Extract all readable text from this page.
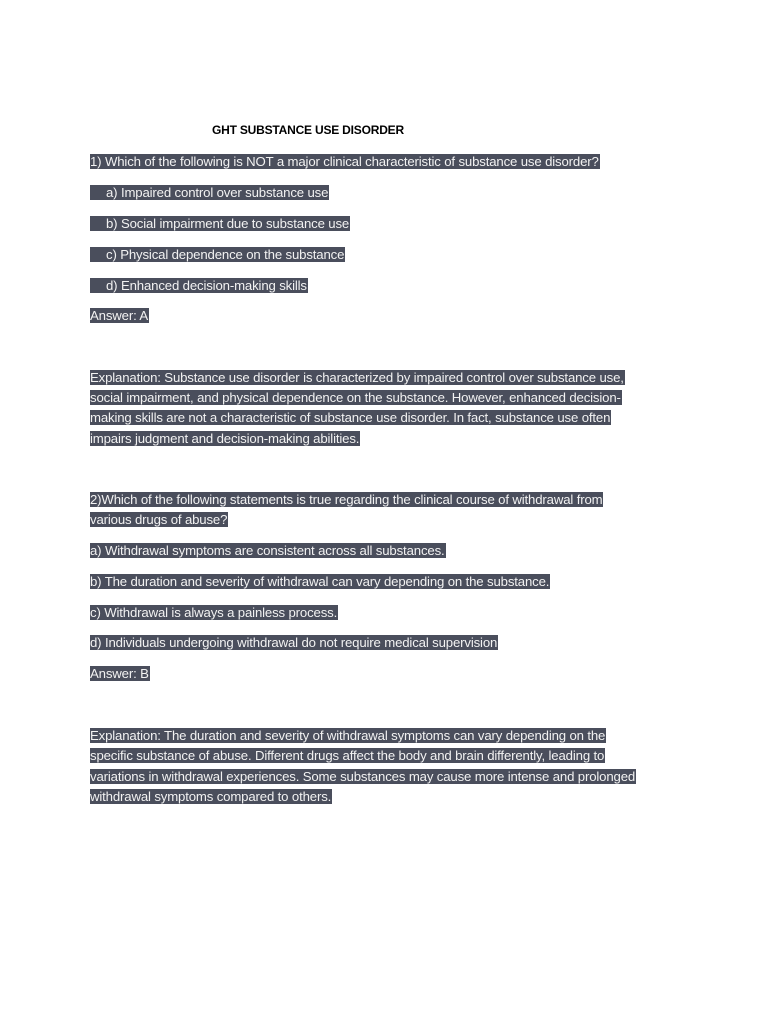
GHT SUBSTANCE USE DISORDER
1) Which of the following is NOT a major clinical characteristic of substance use disorder?
a) Impaired control over substance use
b) Social impairment due to substance use
c) Physical dependence on the substance
d) Enhanced decision-making skills
Answer: A
Explanation: Substance use disorder is characterized by impaired control over substance use,
social impairment, and physical dependence on the substance. However, enhanced decision-
making skills are not a characteristic of substance use disorder. In fact, substance use often
impairs judgment and decision-making abilities.
2)Which of the following statements is true regarding the clinical course of withdrawal from
various drugs of abuse?
a) Withdrawal symptoms are consistent across all substances.
b) The duration and severity of withdrawal can vary depending on the substance.
c) Withdrawal is always a painless process.
d) Individuals undergoing withdrawal do not require medical supervision
Answer: B
Explanation: The duration and severity of withdrawal symptoms can vary depending on the
specific substance of abuse. Different drugs affect the body and brain differently, leading to
variations in withdrawal experiences. Some substances may cause more intense and prolonged
withdrawal symptoms compared to others.
